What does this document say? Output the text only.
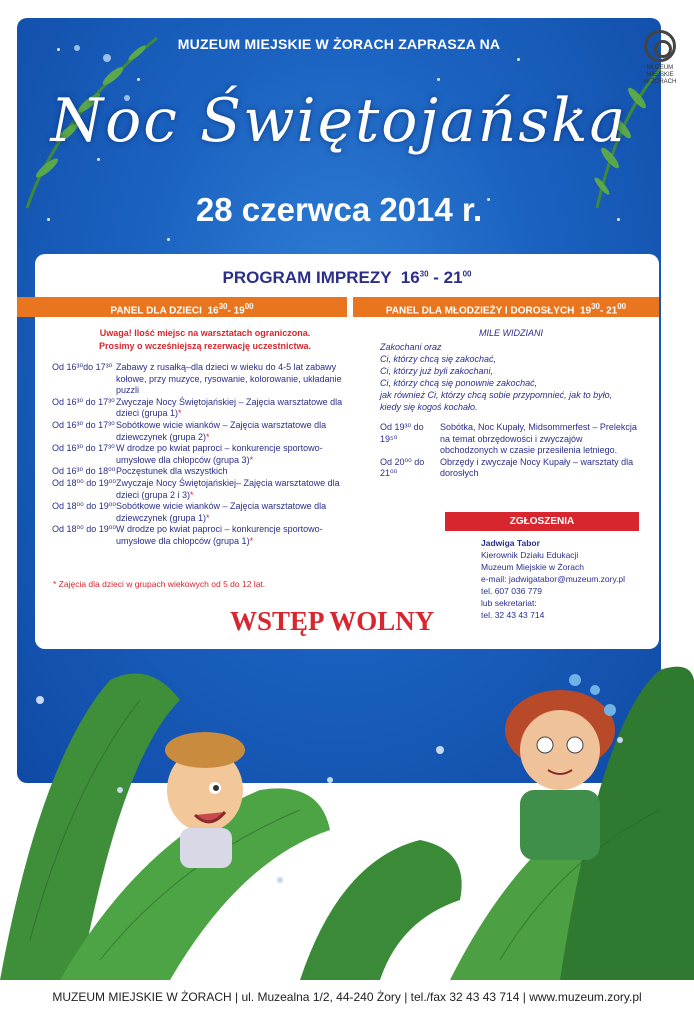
MUZEUM MIEJSKIE W ŻORACH ZAPRASZA NA
Noc Świętojańska
28 czerwca 2014 r.
MUZEUM
MIEJSKIE
W ŻORACH
PROGRAM IMPREZY $16^{30} - 21^{00}$
PANEL DLA DZIECI $16^{30}-$ $19^{00}$	PANEL DLA MŁODZIEŻY I DOROSŁYCH $19^{30}-$ $21^{00}$
Uwaga! Ilość miejsc na warsztatach ograniczona.
Prosimy o wcześniejszą rezerwację uczestnictwa.
Od 16³⁰do 17³⁰ Zabawy z rusałką–dla dzieci w wieku do 4-5 lat zabawy kołowe, przy muzyce, rysowanie, kolorowanie, układanie puzzli
Od 16³⁰ do 17³⁰ Zwyczaje Nocy Świętojańskiej – Zajęcia warsztatowe dla dzieci (grupa 1)*
Od 16³⁰ do 17³⁰ Sobótkowe wicie wianków – Zajęcia warsztatowe dla dziewczynek (grupa 2)*
Od 16³⁰ do 17³⁰ W drodze po kwiat paproci – konkurencje sportowo-umysłowe dla chłopców (grupa 3)*
Od 16³⁰ do 18⁰⁰ Poczęstunek dla wszystkich
Od 18⁰⁰ do 19⁰⁰ Zwyczaje Nocy Świętojańskiej– Zajęcia warsztatowe dla dzieci (grupa 2 i 3)*
Od 18⁰⁰ do 19⁰⁰ Sobótkowe wicie wianków – Zajęcia warsztatowe dla dziewczynek (grupa 1)*
Od 18⁰⁰ do 19⁰⁰ W drodze po kwiat paproci – konkurencje sportowo-umysłowe dla chłopców (grupa 1)*
* Zajęcia dla dzieci w grupach wiekowych od 5 do 12 lat.
WSTĘP WOLNY
MILE WIDZIANI
Zakochani oraz
Ci, którzy chcą się zakochać,
Ci, którzy już byli zakochani,
Ci, którzy chcą się ponownie zakochać,
jak również Ci, którzy chcą sobie przypomnieć, jak to było,
kiedy się kogoś kochało.
Od 19³⁰ do 19⁵⁰
Sobótka, Noc Kupały, Midsommerfest – Prelekcja na temat obrzędowości i zwyczajów obchodzonych w czasie przesilenia letniego.
Od 20⁰⁰ do 21⁰⁰
Obrzędy i zwyczaje Nocy Kupały – warsztaty dla dorosłych
ZGŁOSZENIA
Jadwiga Tabor
Kierownik Działu Edukacji
Muzeum Miejskie w Żorach
e-mail: jadwigatabor@muzeum.zory.pl
tel. 607 036 779
lub sekretariat:
tel. 32 43 43 714
MUZEUM MIEJSKIE W ŻORACH | ul. Muzealna 1/2, 44-240 Żory | tel./fax 32 43 43 714 | www.muzeum.zory.pl
